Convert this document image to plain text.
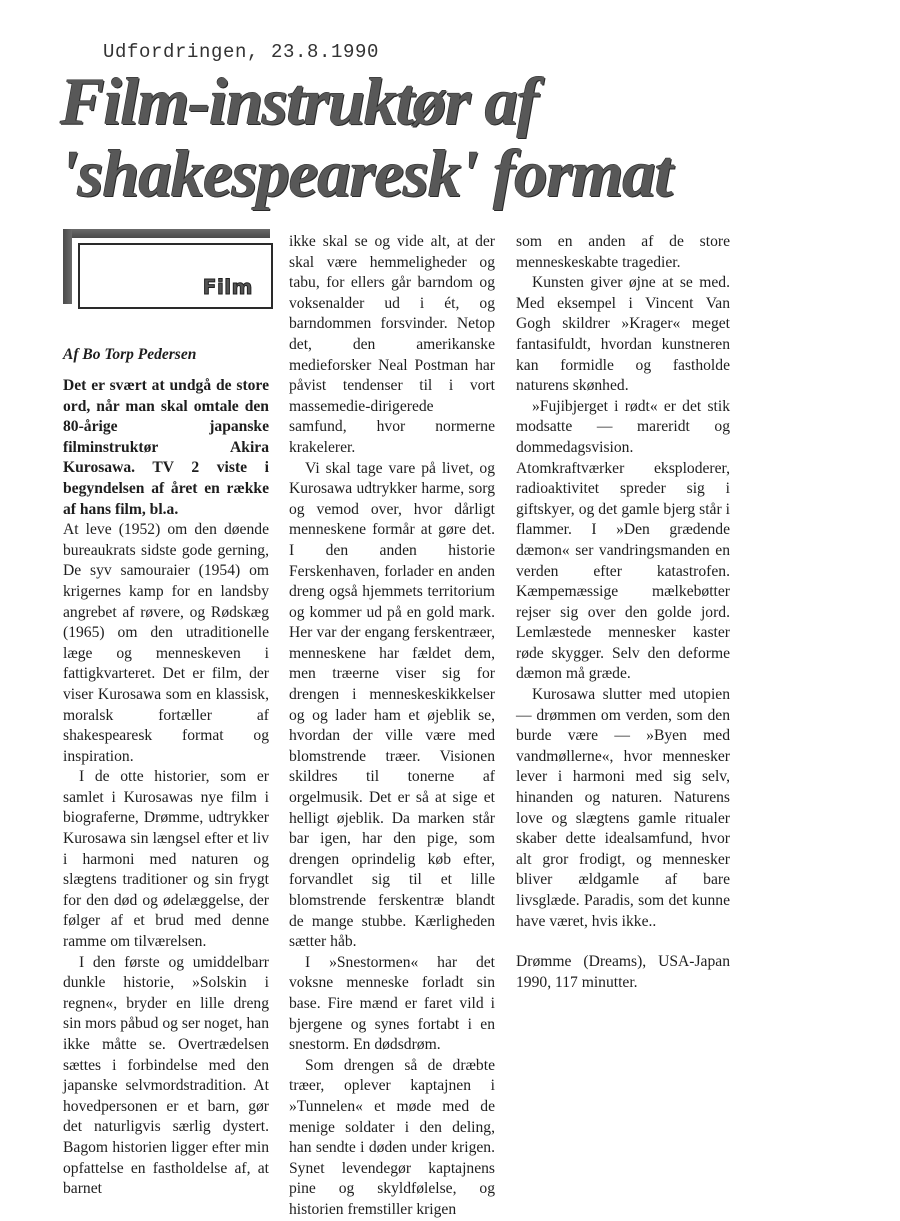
Udfordringen, 23.8.1990
Film-instruktør af
'shakespearesk' format
Film
Af Bo Torp Pedersen

Det er svært at undgå de store ord, når man skal omtale den 80-årige japanske filminstruktør Akira Kurosawa. TV 2 viste i begyndelsen af året en række af hans film, bl.a.

At leve (1952) om den døende bureaukrats sidste gode gerning, De syv samouraier (1954) om krigernes kamp for en landsby angrebet af røvere, og Rødskæg (1965) om den utraditionelle læge og menneskeven i fattigkvarteret. Det er film, der viser Kurosawa som en klassisk, moralsk fortæller af shakespearesk format og inspiration.

I de otte historier, som er samlet i Kurosawas nye film i biograferne, Drømme, udtrykker Kurosawa sin længsel efter et liv i harmoni med naturen og slægtens traditioner og sin frygt for den død og ødelæggelse, der følger af et brud med denne ramme om tilværelsen.

I den første og umiddelbarr dunkle historie, »Solskin i regnen«, bryder en lille dreng sin mors påbud og ser noget, han ikke måtte se. Overtrædelsen sættes i forbindelse med den japanske selvmordstradition. At hovedpersonen er et barn, gør det naturligvis særlig dystert. Bagom historien ligger efter min opfattelse en fastholdelse af, at barnet

ikke skal se og vide alt, at der skal være hemmeligheder og tabu, for ellers går barndom og voksenalder ud i ét, og barndommen forsvinder. Netop det, den amerikanske medieforsker Neal Postman har påvist tendenser til i vort massemedie-dirigerede samfund, hvor normerne krakelerer.

Vi skal tage vare på livet, og Kurosawa udtrykker harme, sorg og vemod over, hvor dårligt menneskene formår at gøre det. I den anden historie Ferskenhaven, forlader en anden dreng også hjemmets territorium og kommer ud på en gold mark. Her var der engang ferskentræer, menneskene har fældet dem, men træerne viser sig for drengen i menneskeskikkelser og og lader ham et øjeblik se, hvordan der ville være med blomstrende træer. Visionen skildres til tonerne af orgelmusik. Det er så at sige et helligt øjeblik. Da marken står bar igen, har den pige, som drengen oprindelig køb efter, forvandlet sig til et lille blomstrende ferskentræ blandt de mange stubbe. Kærligheden sætter håb.

I »Snestormen« har det voksne menneske forladt sin base. Fire mænd er faret vild i bjergene og synes fortabt i en snestorm. En dødsdrøm.

Som drengen så de dræbte træer, oplever kaptajnen i »Tunnelen« et møde med de menige soldater i den deling, han sendte i døden under krigen. Synet levendegør kaptajnens pine og skyldfølelse, og historien fremstiller krigen

som en anden af de store menneskeskabte tragedier.

Kunsten giver øjne at se med. Med eksempel i Vincent Van Gogh skildrer »Krager« meget fantasifuldt, hvordan kunstneren kan formidle og fastholde naturens skønhed.

»Fujibjerget i rødt« er det stik modsatte — mareridt og dommedagsvision. Atomkraftværker eksploderer, radioaktivitet spreder sig i giftskyer, og det gamle bjerg står i flammer. I »Den grædende dæmon« ser vandringsmanden en verden efter katastrofen. Kæmpemæssige mælkebøtter rejser sig over den golde jord. Lemlæstede mennesker kaster røde skygger. Selv den deforme dæmon må græde.

Kurosawa slutter med utopien — drømmen om verden, som den burde være — »Byen med vandmøllerne«, hvor mennesker lever i harmoni med sig selv, hinanden og naturen. Naturens love og slægtens gamle ritualer skaber dette idealsamfund, hvor alt gror frodigt, og mennesker bliver ældgamle af bare livsglæde. Paradis, som det kunne have været, hvis ikke..

Drømme (Dreams), USA-Japan 1990, 117 minutter.
